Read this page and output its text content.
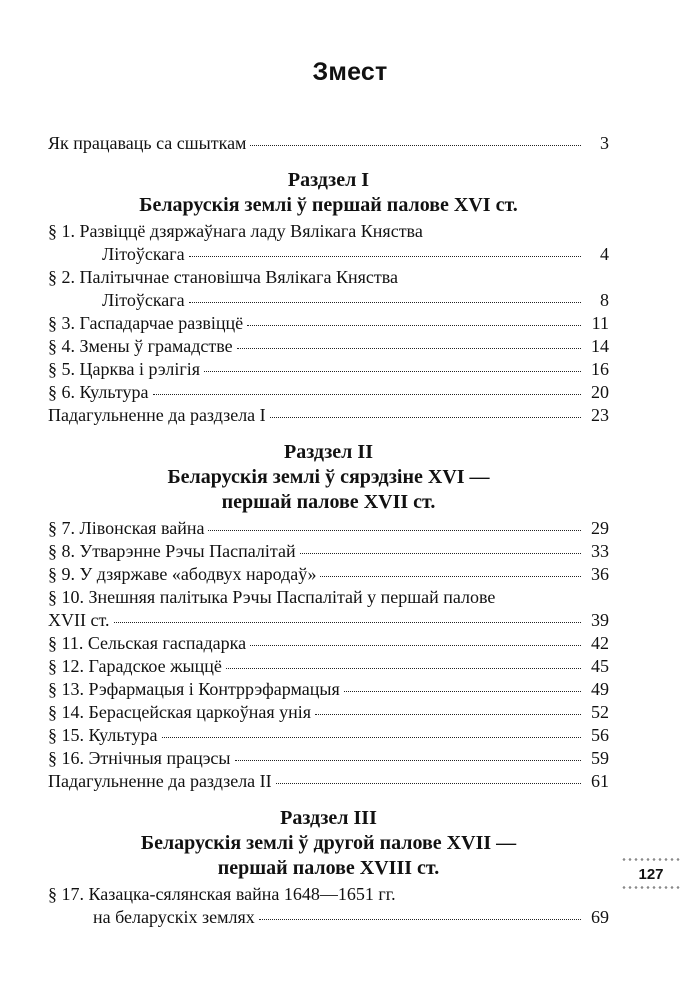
Змест
Як працаваць са сшыткам	3
Раздзел I
Беларускія землі ў першай палове XVI ст.
§ 1. Развіццё дзяржаўнага ладу Вялікага Княства
Літоўскага	4
§ 2. Палітычнае становішча Вялікага Княства
Літоўскага	8
§ 3. Гаспадарчае развіццё	11
§ 4. Змены ў грамадстве	14
§ 5. Царква і рэлігія	16
§ 6. Культура	20
Падагульненне да раздзела I	23
Раздзел II
Беларускія землі ў сярэдзіне XVI —
першай палове XVII ст.
§ 7. Лівонская вайна	29
§ 8. Утварэнне Рэчы Паспалітай	33
§ 9. У дзяржаве «абодвух народаў»	36
§ 10. Знешняя палітыка Рэчы Паспалітай у першай палове
XVII ст.	39
§ 11. Сельская гаспадарка	42
§ 12. Гарадское жыццё	45
§ 13. Рэфармацыя і Контррэфармацыя	49
§ 14. Берасцейская царкоўная унія	52
§ 15. Культура	56
§ 16. Этнічныя працэсы	59
Падагульненне да раздзела II	61
Раздзел III
Беларускія землі ў другой палове XVII —
першай палове XVIII ст.
§ 17. Казацка-сялянская вайна 1648—1651 гг.
на беларускіх землях	69
127
